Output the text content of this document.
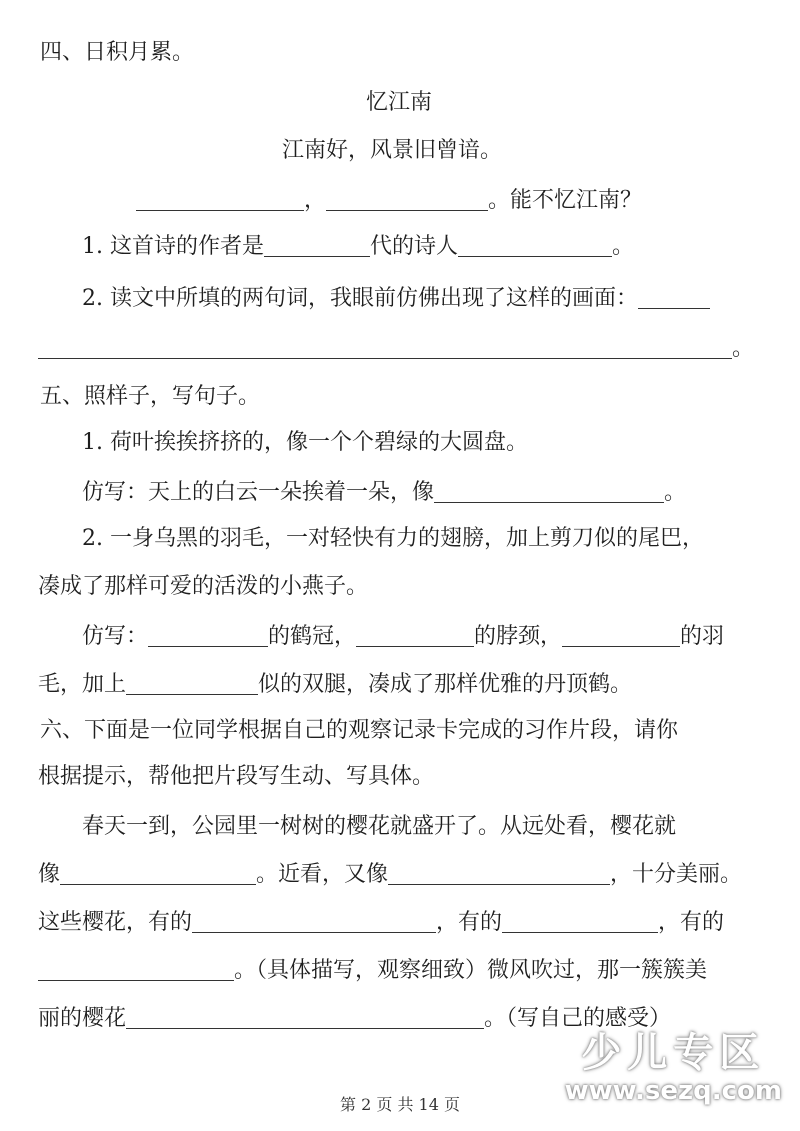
四、日积月累。
忆江南
江南好，风景旧曾谙。
，	。能不忆江南？
1. 这首诗的作者是	代的诗人	。
2. 读文中所填的两句词，我眼前仿佛出现了这样的画面：
。
五、照样子，写句子。
1. 荷叶挨挨挤挤的，像一个个碧绿的大圆盘。
仿写：天上的白云一朵挨着一朵，像	。
2. 一身乌黑的羽毛，一对轻快有力的翅膀，加上剪刀似的尾巴，
凑成了那样可爱的活泼的小燕子。
仿写：	的鹤冠，	的脖颈，	的羽
毛，加上	似的双腿，凑成了那样优雅的丹顶鹤。
六、下面是一位同学根据自己的观察记录卡完成的习作片段，请你
根据提示，帮他把片段写生动、写具体。
春天一到，公园里一树树的樱花就盛开了。从远处看，樱花就
像	。近看，又像	，十分美丽。
这些樱花，有的	，有的	，有的
。（具体描写，观察细致）微风吹过，那一簇簇美
丽的樱花	。（写自己的感受）
少儿专区
www.sezq.com
第 2 页 共 14 页
